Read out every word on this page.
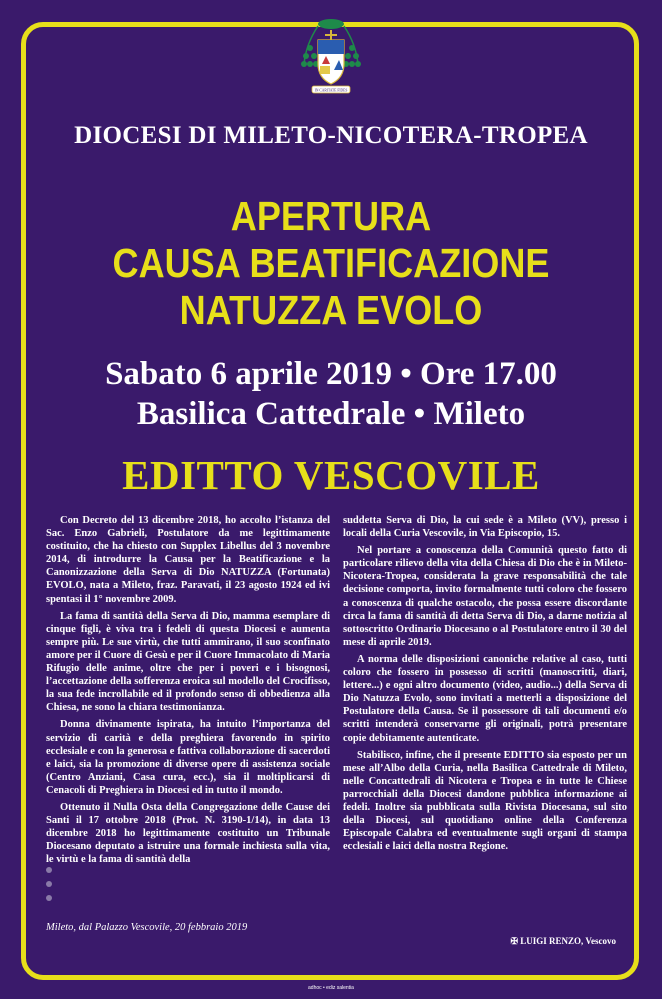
IN CARITATE FIDES
DIOCESI DI MILETO-NICOTERA-TROPEA
APERTURA
CAUSA BEATIFICAZIONE
NATUZZA EVOLO
Sabato 6 aprile 2019 • Ore 17.00
Basilica Cattedrale • Mileto
EDITTO VESCOVILE

Con Decreto del 13 dicembre 2018, ho accolto l’istanza del Sac. Enzo Gabrieli, Postulatore da me legittimamente costituito, che ha chiesto con Supplex Libellus del 3 novembre 2014, di introdurre la Causa per la Beatificazione e la Canonizzazione della Serva di Dio NATUZZA (Fortunata) EVOLO, nata a Mileto, fraz. Paravati, il 23 agosto 1924 ed ivi spentasi il 1° novembre 2009.

La fama di santità della Serva di Dio, mamma esemplare di cinque figli, è viva tra i fedeli di questa Diocesi e aumenta sempre più. Le sue virtù, che tutti ammirano, il suo sconfinato amore per il Cuore di Gesù e per il Cuore Immacolato di Maria Rifugio delle anime, oltre che per i poveri e i bisognosi, l’accettazione della sofferenza eroica sul modello del Crocifisso, la sua fede incrollabile ed il profondo senso di obbedienza alla Chiesa, ne sono la chiara testimonianza.

Donna divinamente ispirata, ha intuito l’importanza del servizio di carità e della preghiera favorendo in spirito ecclesiale e con la generosa e fattiva collaborazione di sacerdoti e laici, sia la promozione di diverse opere di assistenza sociale (Centro Anziani, Casa cura, ecc.), sia il moltiplicarsi di Cenacoli di Preghiera in Diocesi ed in tutto il mondo.

Ottenuto il Nulla Osta della Congregazione delle Cause dei Santi il 17 ottobre 2018 (Prot. N. 3190-1/14), in data 13 dicembre 2018 ho legittimamente costituito un Tribunale Diocesano deputato a istruire una formale inchiesta sulla vita, le virtù e la fama di santità della

suddetta Serva di Dio, la cui sede è a Mileto (VV), presso i locali della Curia Vescovile, in Via Episcopio, 15.

Nel portare a conoscenza della Comunità questo fatto di particolare rilievo della vita della Chiesa di Dio che è in Mileto-Nicotera-Tropea, considerata la grave responsabilità che tale decisione comporta, invito formalmente tutti coloro che fossero a conoscenza di qualche ostacolo, che possa essere discordante circa la fama di santità di detta Serva di Dio, a darne notizia al sottoscritto Ordinario Diocesano o al Postulatore entro il 30 del mese di aprile 2019.

A norma delle disposizioni canoniche relative al caso, tutti coloro che fossero in possesso di scritti (manoscritti, diari, lettere...) e ogni altro documento (video, audio...) della Serva di Dio Natuzza Evolo, sono invitati a metterli a disposizione del Postulatore della Causa. Se il possessore di tali documenti e/o scritti intenderà conservarne gli originali, potrà presentare copie debitamente autenticate.

Stabilisco, infine, che il presente EDITTO sia esposto per un mese all’Albo della Curia, nella Basilica Cattedrale di Mileto, nelle Concattedrali di Nicotera e Tropea e in tutte le Chiese parrocchiali della Diocesi dandone pubblica informazione ai fedeli. Inoltre sia pubblicata sulla Rivista Diocesana, sul sito della Diocesi, sul quotidiano online della Conferenza Episcopale Calabra ed eventualmente sugli organi di stampa ecclesiali e laici della nostra Regione.

Mileto, dal Palazzo Vescovile, 20 febbraio 2019
✠ LUIGI RENZO, Vescovo
adhoc • ediz salentia
